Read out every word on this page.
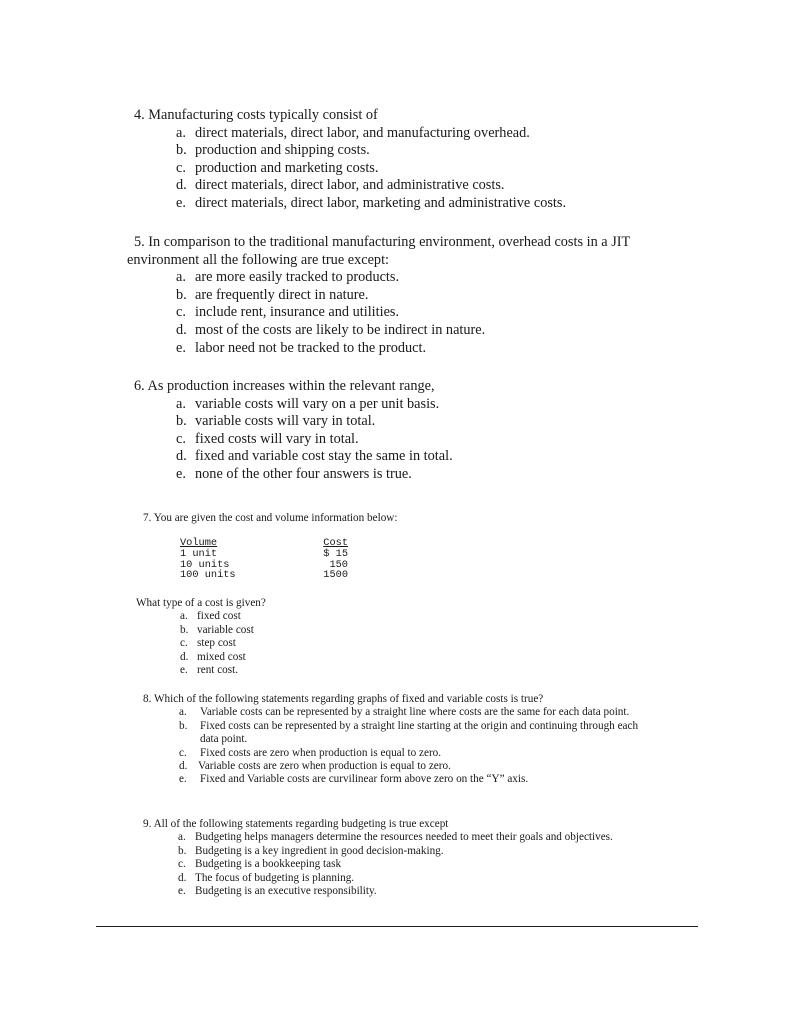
4. Manufacturing costs typically consist of
a. direct materials, direct labor, and manufacturing overhead.
b. production and shipping costs.
c. production and marketing costs.
d. direct materials, direct labor, and administrative costs.
e. direct materials, direct labor, marketing and administrative costs.
5. In comparison to the traditional manufacturing environment, overhead costs in a JIT
environment all the following are true except:
a. are more easily tracked to products.
b. are frequently direct in nature.
c. include rent, insurance and utilities.
d. most of the costs are likely to be indirect in nature.
e. labor need not be tracked to the product.
6. As production increases within the relevant range,
a. variable costs will vary on a per unit basis.
b. variable costs will vary in total.
c. fixed costs will vary in total.
d. fixed and variable cost stay the same in total.
e. none of the other four answers is true.
7. You are given the cost and volume information below:
Volume	Cost
1 unit	$ 15
10 units	150
100 units	1500
What type of a cost is given?
a. fixed cost
b. variable cost
c. step cost
d. mixed cost
e. rent cost.
8. Which of the following statements regarding graphs of fixed and variable costs is true?
a.	Variable costs can be represented by a straight line where costs are the same for each data point.
b.	Fixed costs can be represented by a straight line starting at the origin and continuing through each data point.
c.	Fixed costs are zero when production is equal to zero.
d. Variable costs are zero when production is equal to zero.
e.	Fixed and Variable costs are curvilinear form above zero on the “Y” axis.
9. All of the following statements regarding budgeting is true except
a. Budgeting helps managers determine the resources needed to meet their goals and objectives.
b. Budgeting is a key ingredient in good decision-making.
c. Budgeting is a bookkeeping task
d. The focus of budgeting is planning.
e. Budgeting is an executive responsibility.
